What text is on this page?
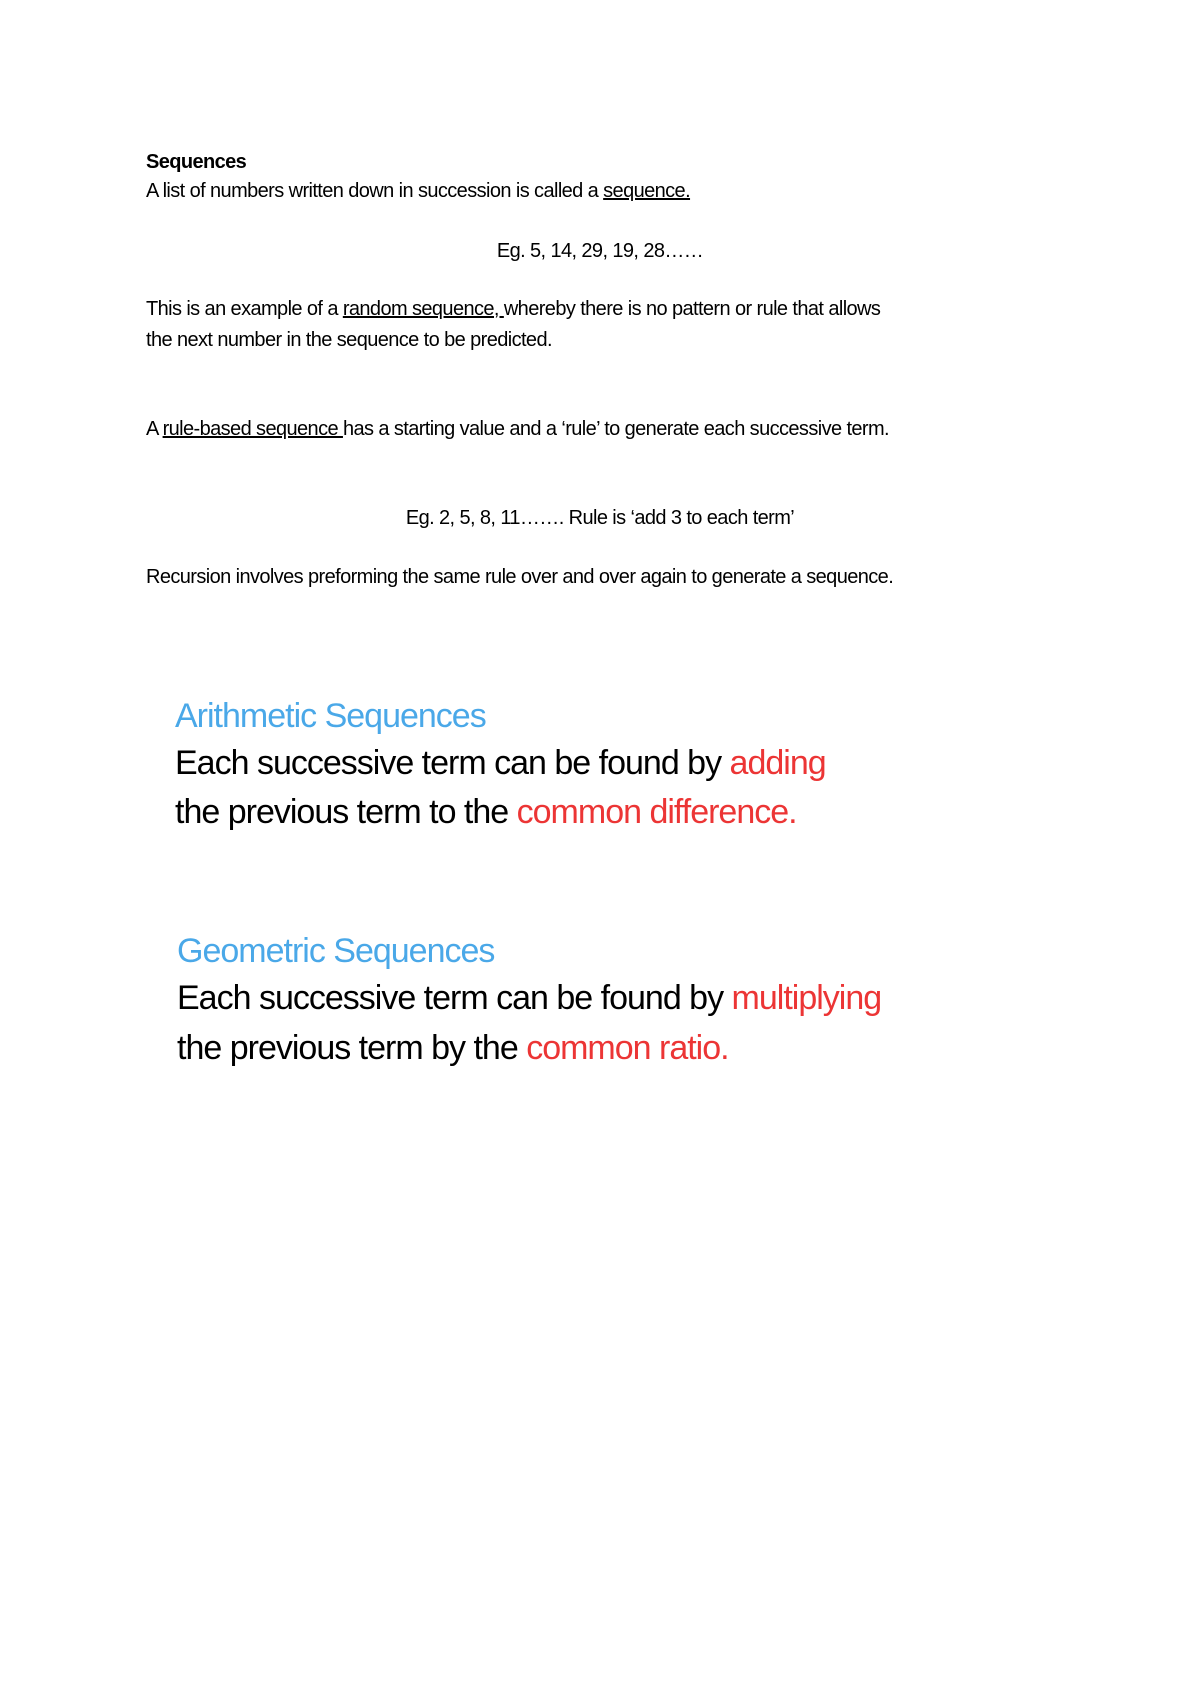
Sequences
A list of numbers written down in succession is called a sequence.
Eg. 5, 14, 29, 19, 28……
This is an example of a random sequence, whereby there is no pattern or rule that allows
the next number in the sequence to be predicted.
A rule-based sequence has a starting value and a ‘rule’ to generate each successive term.
Eg. 2, 5, 8, 11……. Rule is ‘add 3 to each term’
Recursion involves preforming the same rule over and over again to generate a sequence.
Arithmetic Sequences
Each successive term can be found by adding
the previous term to the common difference.
Geometric Sequences
Each successive term can be found by multiplying
the previous term by the common ratio.
